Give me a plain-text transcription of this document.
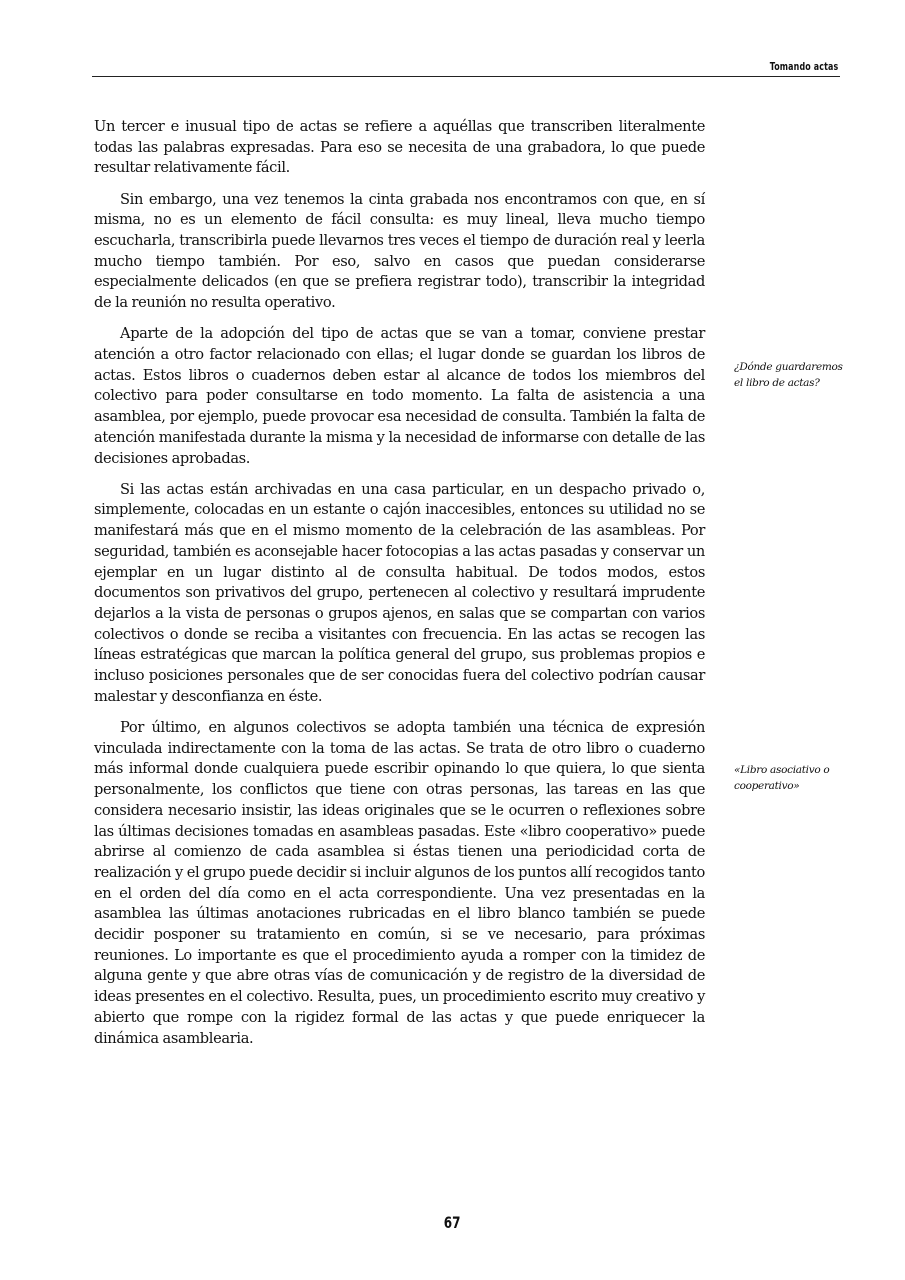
Tomando actas

Un tercer e inusual tipo de actas se refiere a aquéllas que transcriben literalmente todas las palabras expresadas. Para eso se necesita de una grabadora, lo que puede resultar relativamente fácil.

Sin embargo, una vez tenemos la cinta grabada nos encontramos con que, en sí misma, no es un elemento de fácil consulta: es muy lineal, lleva mucho tiempo escucharla, transcribirla puede llevarnos tres veces el tiempo de duración real y leerla mucho tiempo también. Por eso, salvo en casos que puedan considerarse especialmente delicados (en que se prefiera registrar todo), transcribir la integridad de la reunión no resulta operativo.

Aparte de la adopción del tipo de actas que se van a tomar, conviene prestar atención a otro factor relacionado con ellas; el lugar donde se guardan los libros de actas. Estos libros o cuadernos deben estar al alcance de todos los miembros del colectivo para poder consultarse en todo momento. La falta de asistencia a una asamblea, por ejemplo, puede provocar esa necesidad de consulta. También la falta de atención manifestada durante la misma y la necesidad de informarse con detalle de las decisiones aprobadas.

Si las actas están archivadas en una casa particular, en un despacho privado o, simplemente, colocadas en un estante o cajón inaccesibles, entonces su utilidad no se manifestará más que en el mismo momento de la celebración de las asambleas. Por seguridad, también es aconsejable hacer fotocopias a las actas pasadas y conservar un ejemplar en un lugar distinto al de consulta habitual. De todos modos, estos documentos son privativos del grupo, pertenecen al colectivo y resultará imprudente dejarlos a la vista de personas o grupos ajenos, en salas que se compartan con varios colectivos o donde se reciba a visitantes con frecuencia. En las actas se recogen las líneas estratégicas que marcan la política general del grupo, sus problemas propios e incluso posiciones personales que de ser conocidas fuera del colectivo podrían causar malestar y desconfianza en éste.

Por último, en algunos colectivos se adopta también una técnica de expresión vinculada indirectamente con la toma de las actas. Se trata de otro libro o cuaderno más informal donde cualquiera puede escribir opinando lo que quiera, lo que sienta personalmente, los conflictos que tiene con otras personas, las tareas en las que considera necesario insistir, las ideas originales que se le ocurren o reflexiones sobre las últimas decisiones tomadas en asambleas pasadas. Este «libro cooperativo» puede abrirse al comienzo de cada asamblea si éstas tienen una periodicidad corta de realización y el grupo puede decidir si incluir algunos de los puntos allí recogidos tanto en el orden del día como en el acta correspondiente. Una vez presentadas en la asamblea las últimas anotaciones rubricadas en el libro blanco también se puede decidir posponer su tratamiento en común, si se ve necesario, para próximas reuniones. Lo importante es que el procedimiento ayuda a romper con la timidez de alguna gente y que abre otras vías de comunicación y de registro de la diversidad de ideas presentes en el colectivo. Resulta, pues, un procedimiento escrito muy creativo y abierto que rompe con la rigidez formal de las actas y que puede enriquecer la dinámica asamblearia.

¿Dónde guardaremos el libro de actas?
«Libro asociativo o cooperativo»
67
